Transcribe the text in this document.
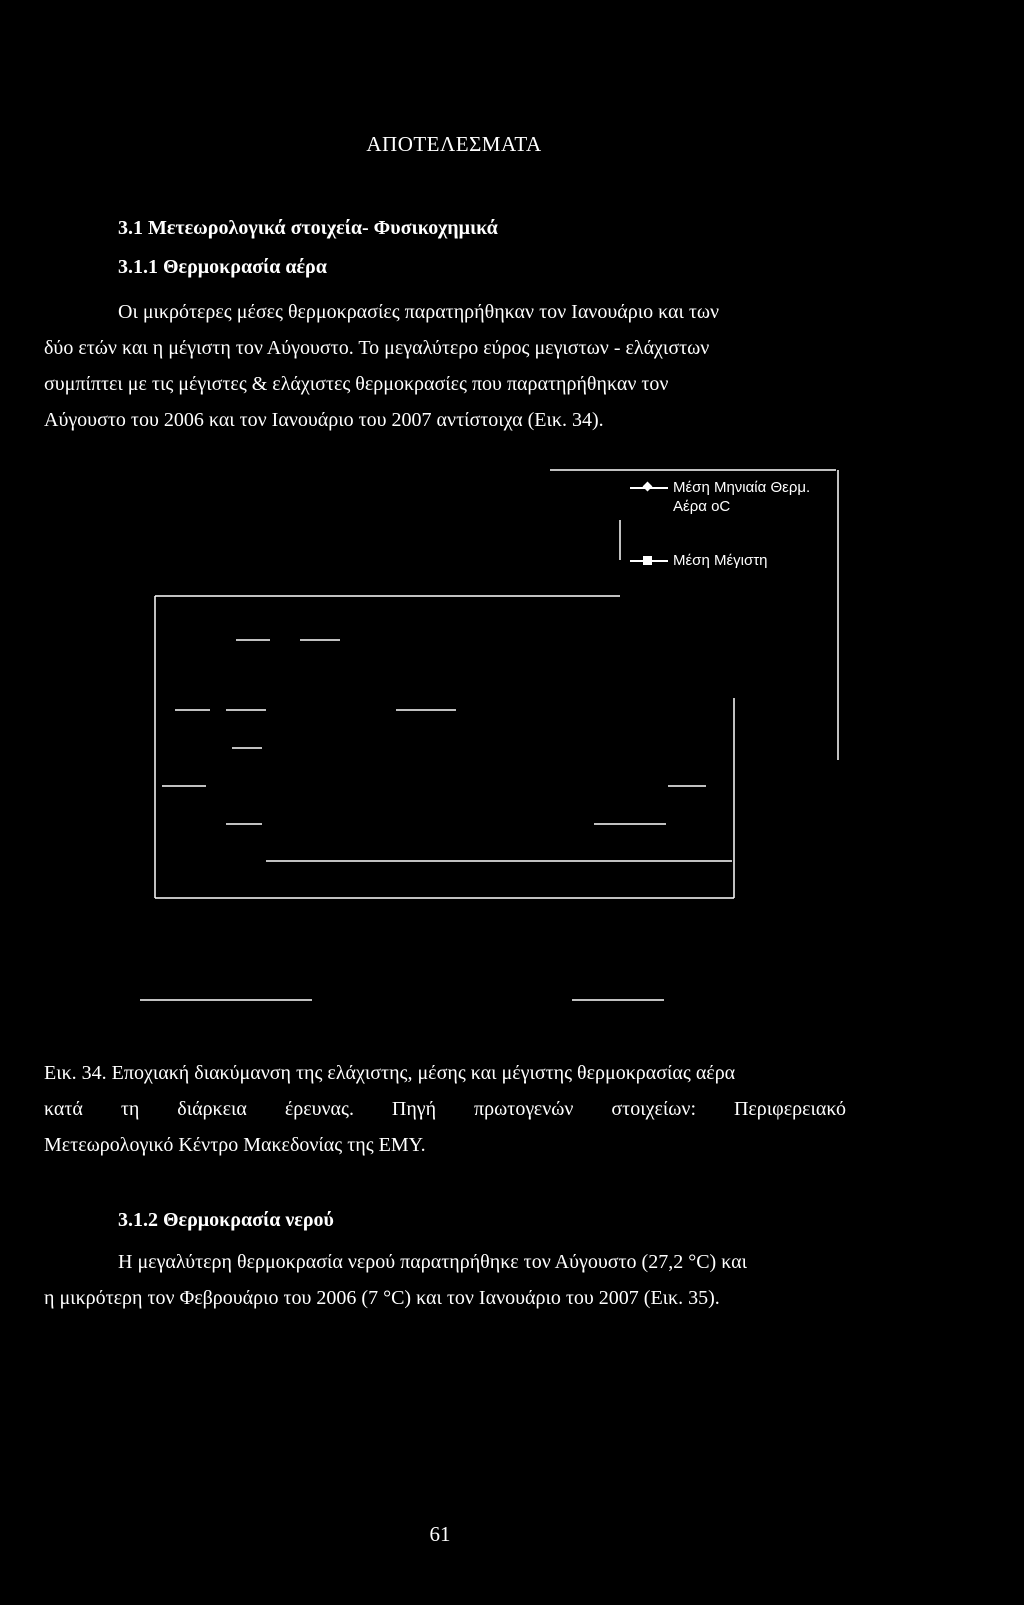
ΑΠΟΤΕΛΕΣΜΑΤΑ
3.1 Μετεωρολογικά στοιχεία- Φυσικοχημικά
3.1.1 Θερμοκρασία αέρα
Οι μικρότερες μέσες θερμοκρασίες παρατηρήθηκαν τον Ιανουάριο και των
δύο ετών και η μέγιστη τον Αύγουστο. Το μεγαλύτερο εύρος μεγιστων - ελάχιστων
συμπίπτει με τις μέγιστες & ελάχιστες θερμοκρασίες που παρατηρήθηκαν τον
Αύγουστο του 2006 και τον Ιανουάριο του 2007 αντίστοιχα (Εικ. 34).
Μέση Μηνιαία Θερμ.
Αέρα oC
Μέση Μέγιστη
Εικ. 34. Εποχιακή διακύμανση της ελάχιστης, μέσης και μέγιστης θερμοκρασίας αέρα
κατά τη διάρκεια έρευνας. Πηγή πρωτογενών στοιχείων: Περιφερειακό
Μετεωρολογικό Κέντρο Μακεδονίας της ΕΜΥ.
3.1.2 Θερμοκρασία νερού
Η μεγαλύτερη θερμοκρασία νερού παρατηρήθηκε τον Αύγουστο (27,2 °C) και
η μικρότερη τον Φεβρουάριο του 2006 (7 °C) και τον Ιανουάριο του 2007 (Εικ. 35).
61
